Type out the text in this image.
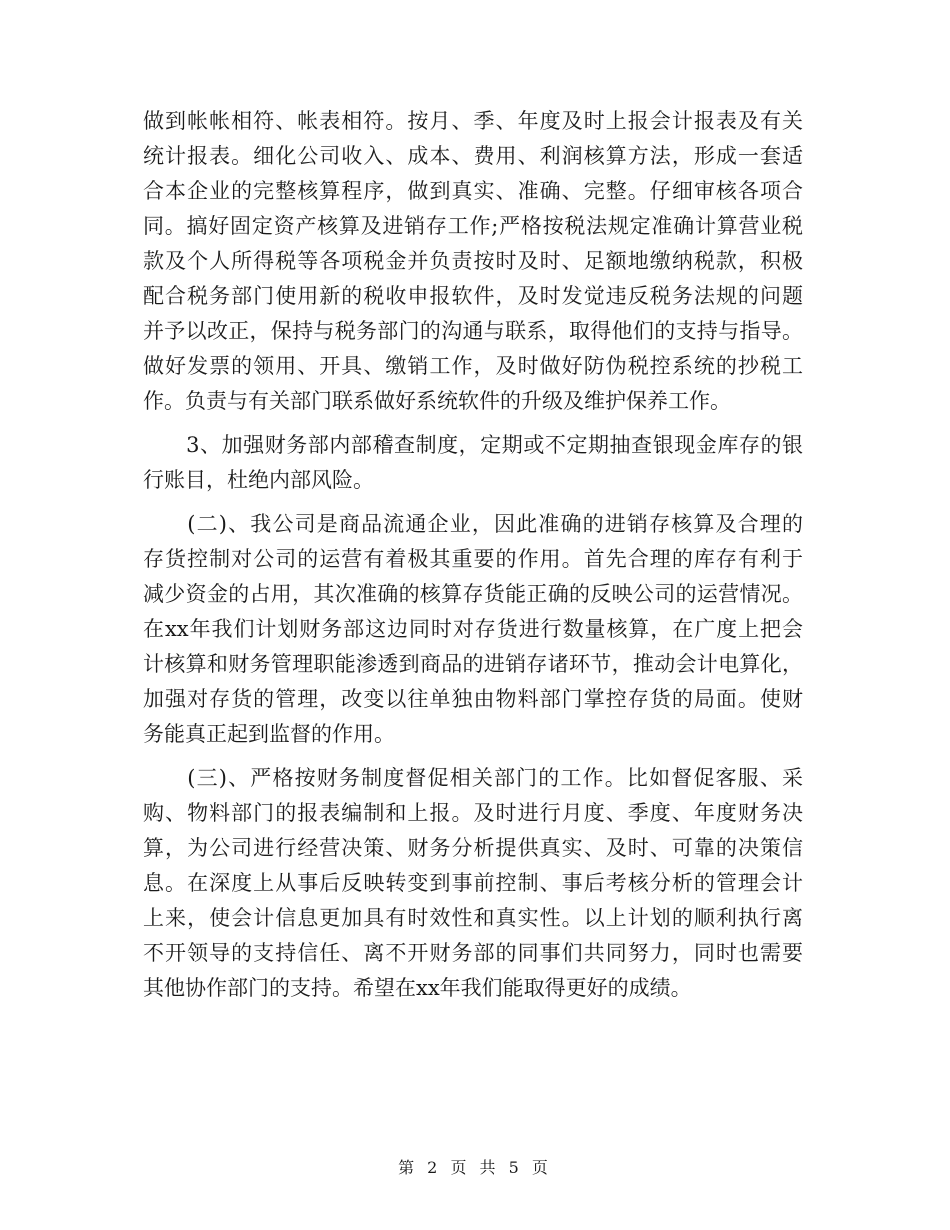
做到帐帐相符、帐表相符。按月、季、年度及时上报会计报表及有关
统计报表。细化公司收入、成本、费用、利润核算方法，形成一套适
合本企业的完整核算程序，做到真实、准确、完整。仔细审核各项合
同。搞好固定资产核算及进销存工作;严格按税法规定准确计算营业税
款及个人所得税等各项税金并负责按时及时、足额地缴纳税款，积极
配合税务部门使用新的税收申报软件，及时发觉违反税务法规的问题
并予以改正，保持与税务部门的沟通与联系，取得他们的支持与指导。
做好发票的领用、开具、缴销工作，及时做好防伪税控系统的抄税工
作。负责与有关部门联系做好系统软件的升级及维护保养工作。
　　3、加强财务部内部稽查制度，定期或不定期抽查银现金库存的银
行账目，杜绝内部风险。
　　(二)、我公司是商品流通企业，因此准确的进销存核算及合理的
存货控制对公司的运营有着极其重要的作用。首先合理的库存有利于
减少资金的占用，其次准确的核算存货能正确的反映公司的运营情况。
在xx年我们计划财务部这边同时对存货进行数量核算，在广度上把会
计核算和财务管理职能渗透到商品的进销存诸环节，推动会计电算化，
加强对存货的管理，改变以往单独由物料部门掌控存货的局面。使财
务能真正起到监督的作用。
　　(三)、严格按财务制度督促相关部门的工作。比如督促客服、采
购、物料部门的报表编制和上报。及时进行月度、季度、年度财务决
算，为公司进行经营决策、财务分析提供真实、及时、可靠的决策信
息。在深度上从事后反映转变到事前控制、事后考核分析的管理会计
上来，使会计信息更加具有时效性和真实性。以上计划的顺利执行离
不开领导的支持信任、离不开财务部的同事们共同努力，同时也需要
其他协作部门的支持。希望在xx年我们能取得更好的成绩。
第 2 页 共 5 页
